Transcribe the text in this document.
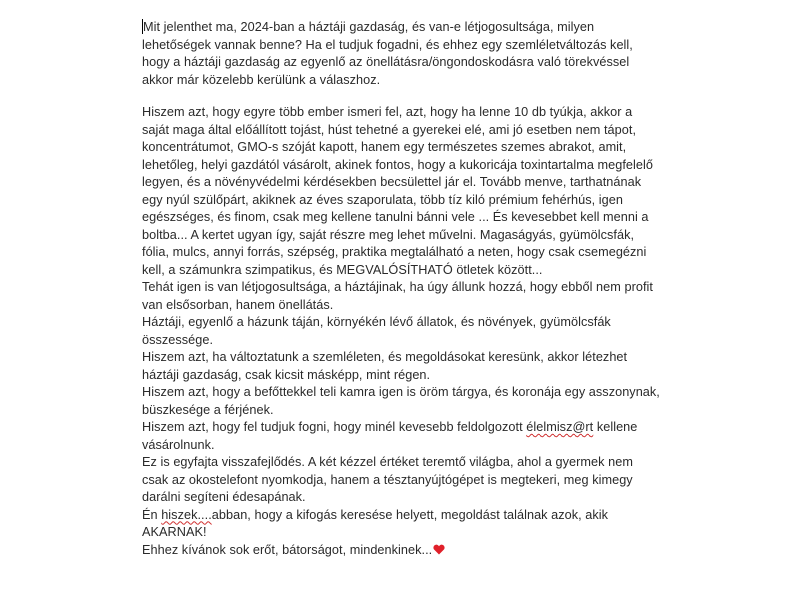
Mit jelenthet ma, 2024-ban a háztáji gazdaság, és van-e létjogosultsága, milyen lehetőségek vannak benne? Ha el tudjuk fogadni, és ehhez egy szemléletváltozás kell, hogy a háztáji gazdaság az egyenlő az önellátásra/öngondoskodásra való törekvéssel akkor már közelebb kerülünk a válaszhoz.

Hiszem azt, hogy egyre több ember ismeri fel, azt, hogy ha lenne 10 db tyúkja, akkor a saját maga által előállított tojást, húst tehetné a gyerekei elé, ami jó esetben nem tápot, koncentrátumot, GMO-s szóját kapott, hanem egy természetes szemes abrakot, amit, lehetőleg, helyi gazdától vásárolt, akinek fontos, hogy a kukoricája toxintartalma megfelelő legyen, és a növényvédelmi kérdésekben becsülettel jár el. Tovább menve, tarthatnának egy nyúl szülőpárt, akiknek az éves szaporulata, több tíz kiló prémium fehérhús, igen egészséges, és finom, csak meg kellene tanulni bánni vele ... És kevesebbet kell menni a boltba... A kertet ugyan így, saját részre meg lehet művelni. Magaságyás, gyümölcsfák, fólia, mulcs, annyi forrás, szépség, praktika megtalálható a neten, hogy csak csemegézni kell, a számunkra szimpatikus, és MEGVALÓSÍTHATÓ ötletek között...

Tehát igen is van létjogosultsága, a háztájinak, ha úgy állunk hozzá, hogy ebből nem profit van elsősorban, hanem önellátás.

Háztáji, egyenlő a házunk táján, környékén lévő állatok, és növények, gyümölcsfák összessége.

Hiszem azt, ha változtatunk a szemléleten, és megoldásokat keresünk, akkor létezhet háztáji gazdaság, csak kicsit másképp, mint régen.

Hiszem azt, hogy a befőttekkel teli kamra igen is öröm tárgya, és koronája egy asszonynak, büszkesége a férjének.

Hiszem azt, hogy fel tudjuk fogni, hogy minél kevesebb feldolgozott élelmisz@rt kellene vásárolnunk.

Ez is egyfajta visszafejlődés. A két kézzel értéket teremtő világba, ahol a gyermek nem csak az okostelefont nyomkodja, hanem a tésztanyújtógépet is megtekeri, meg kimegy darálni segíteni édesapának.

Én hiszek....abban, hogy a kifogás keresése helyett, megoldást találnak azok, akik AKARNAK!

Ehhez kívánok sok erőt, bátorságot, mindenkinek...
